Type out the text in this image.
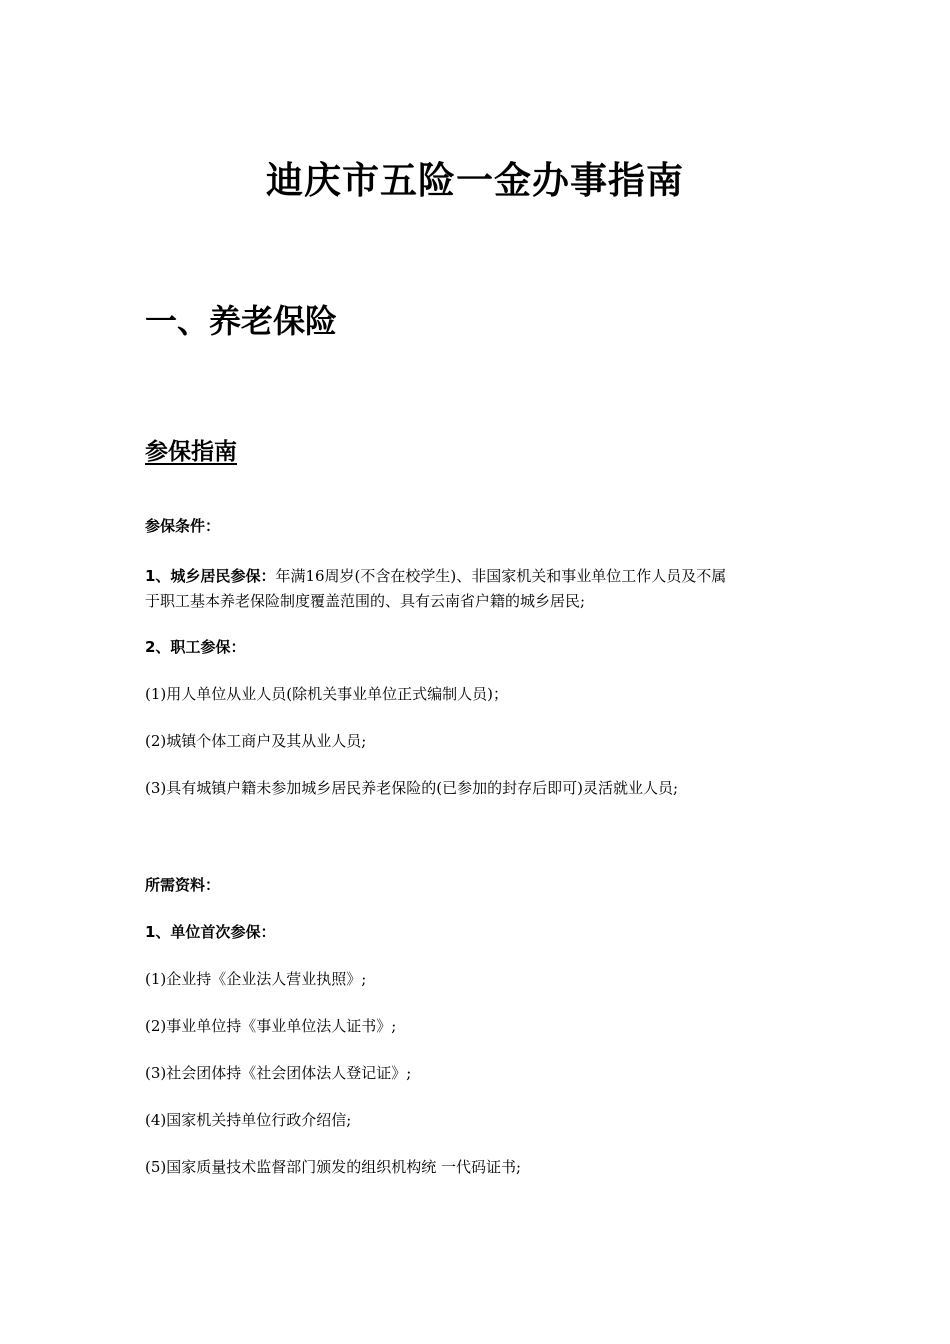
迪庆市五险一金办事指南
一、养老保险
参保指南
参保条件：
1、城乡居民参保：年满16周岁(不含在校学生)、非国家机关和事业单位工作人员及不属
于职工基本养老保险制度覆盖范围的、具有云南省户籍的城乡居民;
2、职工参保：
(1)用人单位从业人员(除机关事业单位正式编制人员)；
(2)城镇个体工商户及其从业人员;
(3)具有城镇户籍未参加城乡居民养老保险的(已参加的封存后即可)灵活就业人员;
所需资料：
1、单位首次参保：
(1)企业持《企业法人营业执照》;
(2)事业单位持《事业单位法人证书》;
(3)社会团体持《社会团体法人登记证》;
(4)国家机关持单位行政介绍信;
(5)国家质量技术监督部门颁发的组织机构统 一代码证书;
